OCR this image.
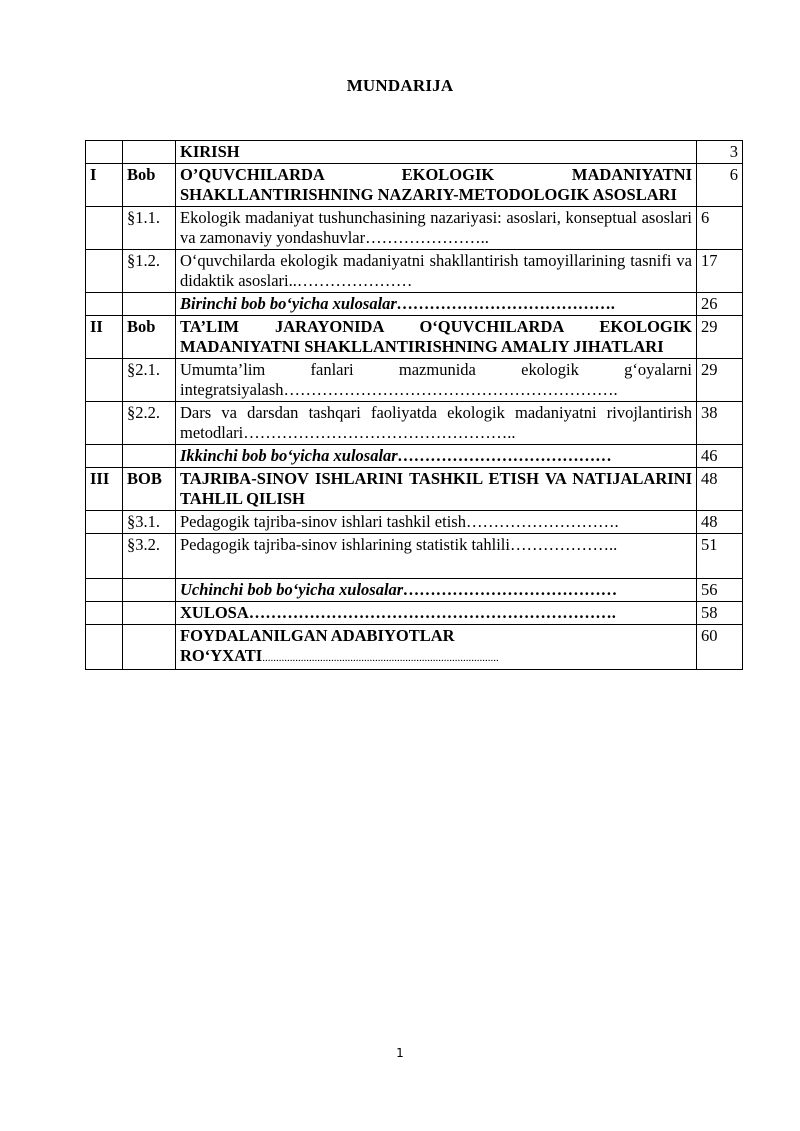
MUNDARIJA
		KIRISH	3
I	Bob	O’QUVCHILARDA EKOLOGIK MADANIYATNI SHAKLLANTIRISHNING NAZARIY-METODOLOGIK ASOSLARI	6
	§1.1.	Ekologik madaniyat tushunchasining nazariyasi: asoslari, konseptual asoslari va zamonaviy yondashuvlar…………………..	6
	§1.2.	O‘quvchilarda ekologik madaniyatni shakllantirish tamoyillarining tasnifi va didaktik asoslari..…………………	17
		Birinchi bob bo‘yicha xulosalar………………………………….	26
II	Bob	TA’LIM JARAYONIDA O‘QUVCHILARDA EKOLOGIK MADANIYATNI SHAKLLANTIRISHNING AMALIY JIHATLARI	29
	§2.1.	Umumta’lim fanlari mazmunida ekologik g‘oyalarni integratsiyalash…………………………………………………….	29
	§2.2.	Dars va darsdan tashqari faoliyatda ekologik madaniyatni rivojlantirish metodlari…………………………………………..	38
		Ikkinchi bob bo‘yicha xulosalar…………………………………	46
III	BOB	TAJRIBA-SINOV ISHLARINI TASHKIL ETISH VA NATIJALARINI TAHLIL QILISH	48
	§3.1.	Pedagogik tajriba-sinov ishlari tashkil etish……………………….	48
	§3.2.	Pedagogik tajriba-sinov ishlarining statistik tahlili………………..	51
		Uchinchi bob bo‘yicha xulosalar…………………………………	56
		XULOSA………………………………………………………….	58
		FOYDALANILGAN ADABIYOTLAR RO‘YXATI......................................................................................	60
1
